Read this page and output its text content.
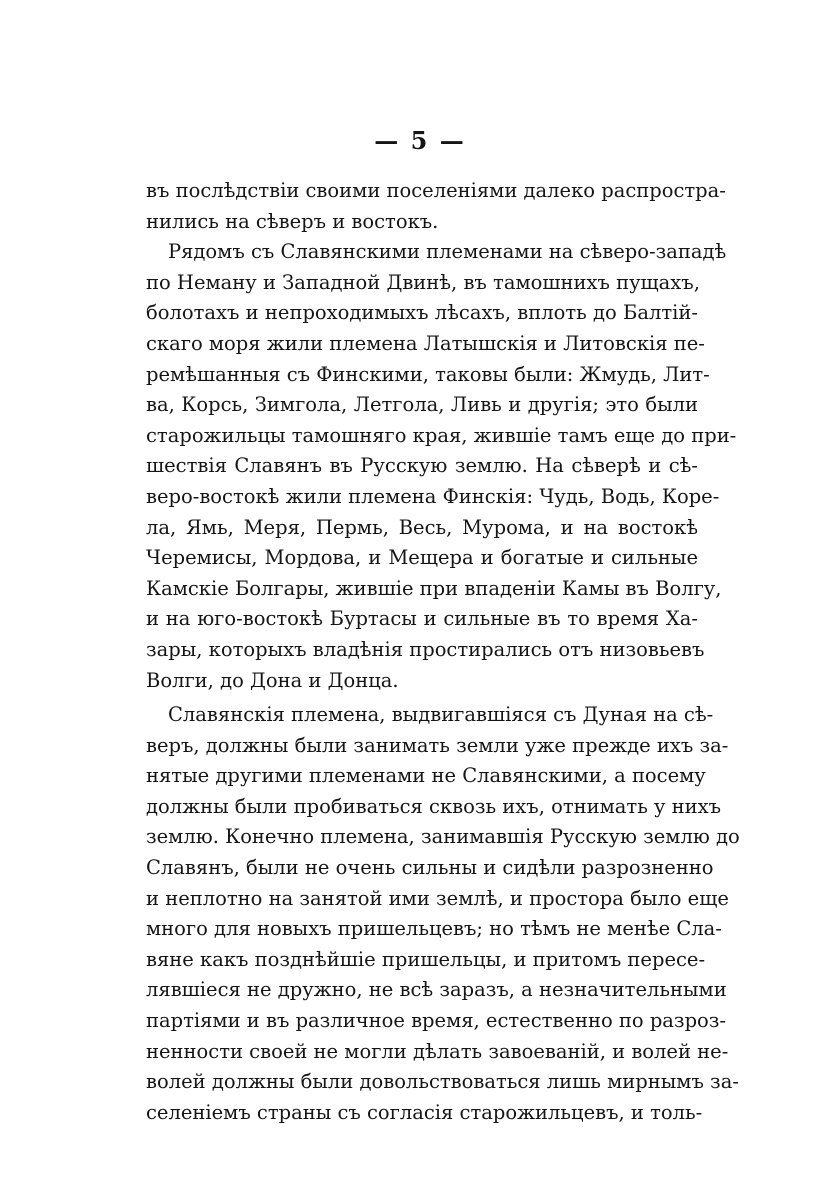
— 5 —
въ послѣдствіи своими поселеніями далеко распростра-
нились на сѣверъ и востокъ.
Рядомъ съ Славянскими племенами на сѣверо-западѣ
по Неману и Западной Двинѣ, въ тамошнихъ пущахъ,
болотахъ и непроходимыхъ лѣсахъ, вплоть до Балтій-
скаго моря жили племена Латышскія и Литовскія пе-
ремѣшанныя съ Финскими, таковы были: Жмудь, Лит-
ва, Корсь, Зимгола, Летгола, Ливь и другія; это были
старожильцы тамошняго края, жившіе тамъ еще до при-
шествія Славянъ въ Русскую землю. На сѣверѣ и сѣ-
веро-востокѣ жили племена Финскія: Чудь, Водь, Коре-
ла, Ямь, Меря, Пермь, Весь, Мурома, и на востокѣ
Черемисы, Мордова, и Мещера и богатые и сильные
Камскіе Болгары, жившіе при впаденіи Камы въ Волгу,
и на юго-востокѣ Буртасы и сильные въ то время Ха-
зары, которыхъ владѣнія простирались отъ низовьевъ
Волги, до Дона и Донца.
Славянскія племена, выдвигавшіяся съ Дуная на сѣ-
веръ, должны были занимать земли уже прежде ихъ за-
нятые другими племенами не Славянскими, а посему
должны были пробиваться сквозь ихъ, отнимать у нихъ
землю. Конечно племена, занимавшія Русскую землю до
Славянъ, были не очень сильны и сидѣли разрозненно
и неплотно на занятой ими землѣ, и простора было еще
много для новыхъ пришельцевъ; но тѣмъ не менѣе Сла-
вяне какъ позднѣйшіе пришельцы, и притомъ пересе-
лявшіеся не дружно, не всѣ заразъ, а незначительными
партіями и въ различное время, естественно по разроз-
ненности своей не могли дѣлать завоеваній, и волей не-
волей должны были довольствоваться лишь мирнымъ за-
селеніемъ страны съ согласія старожильцевъ, и толь-
